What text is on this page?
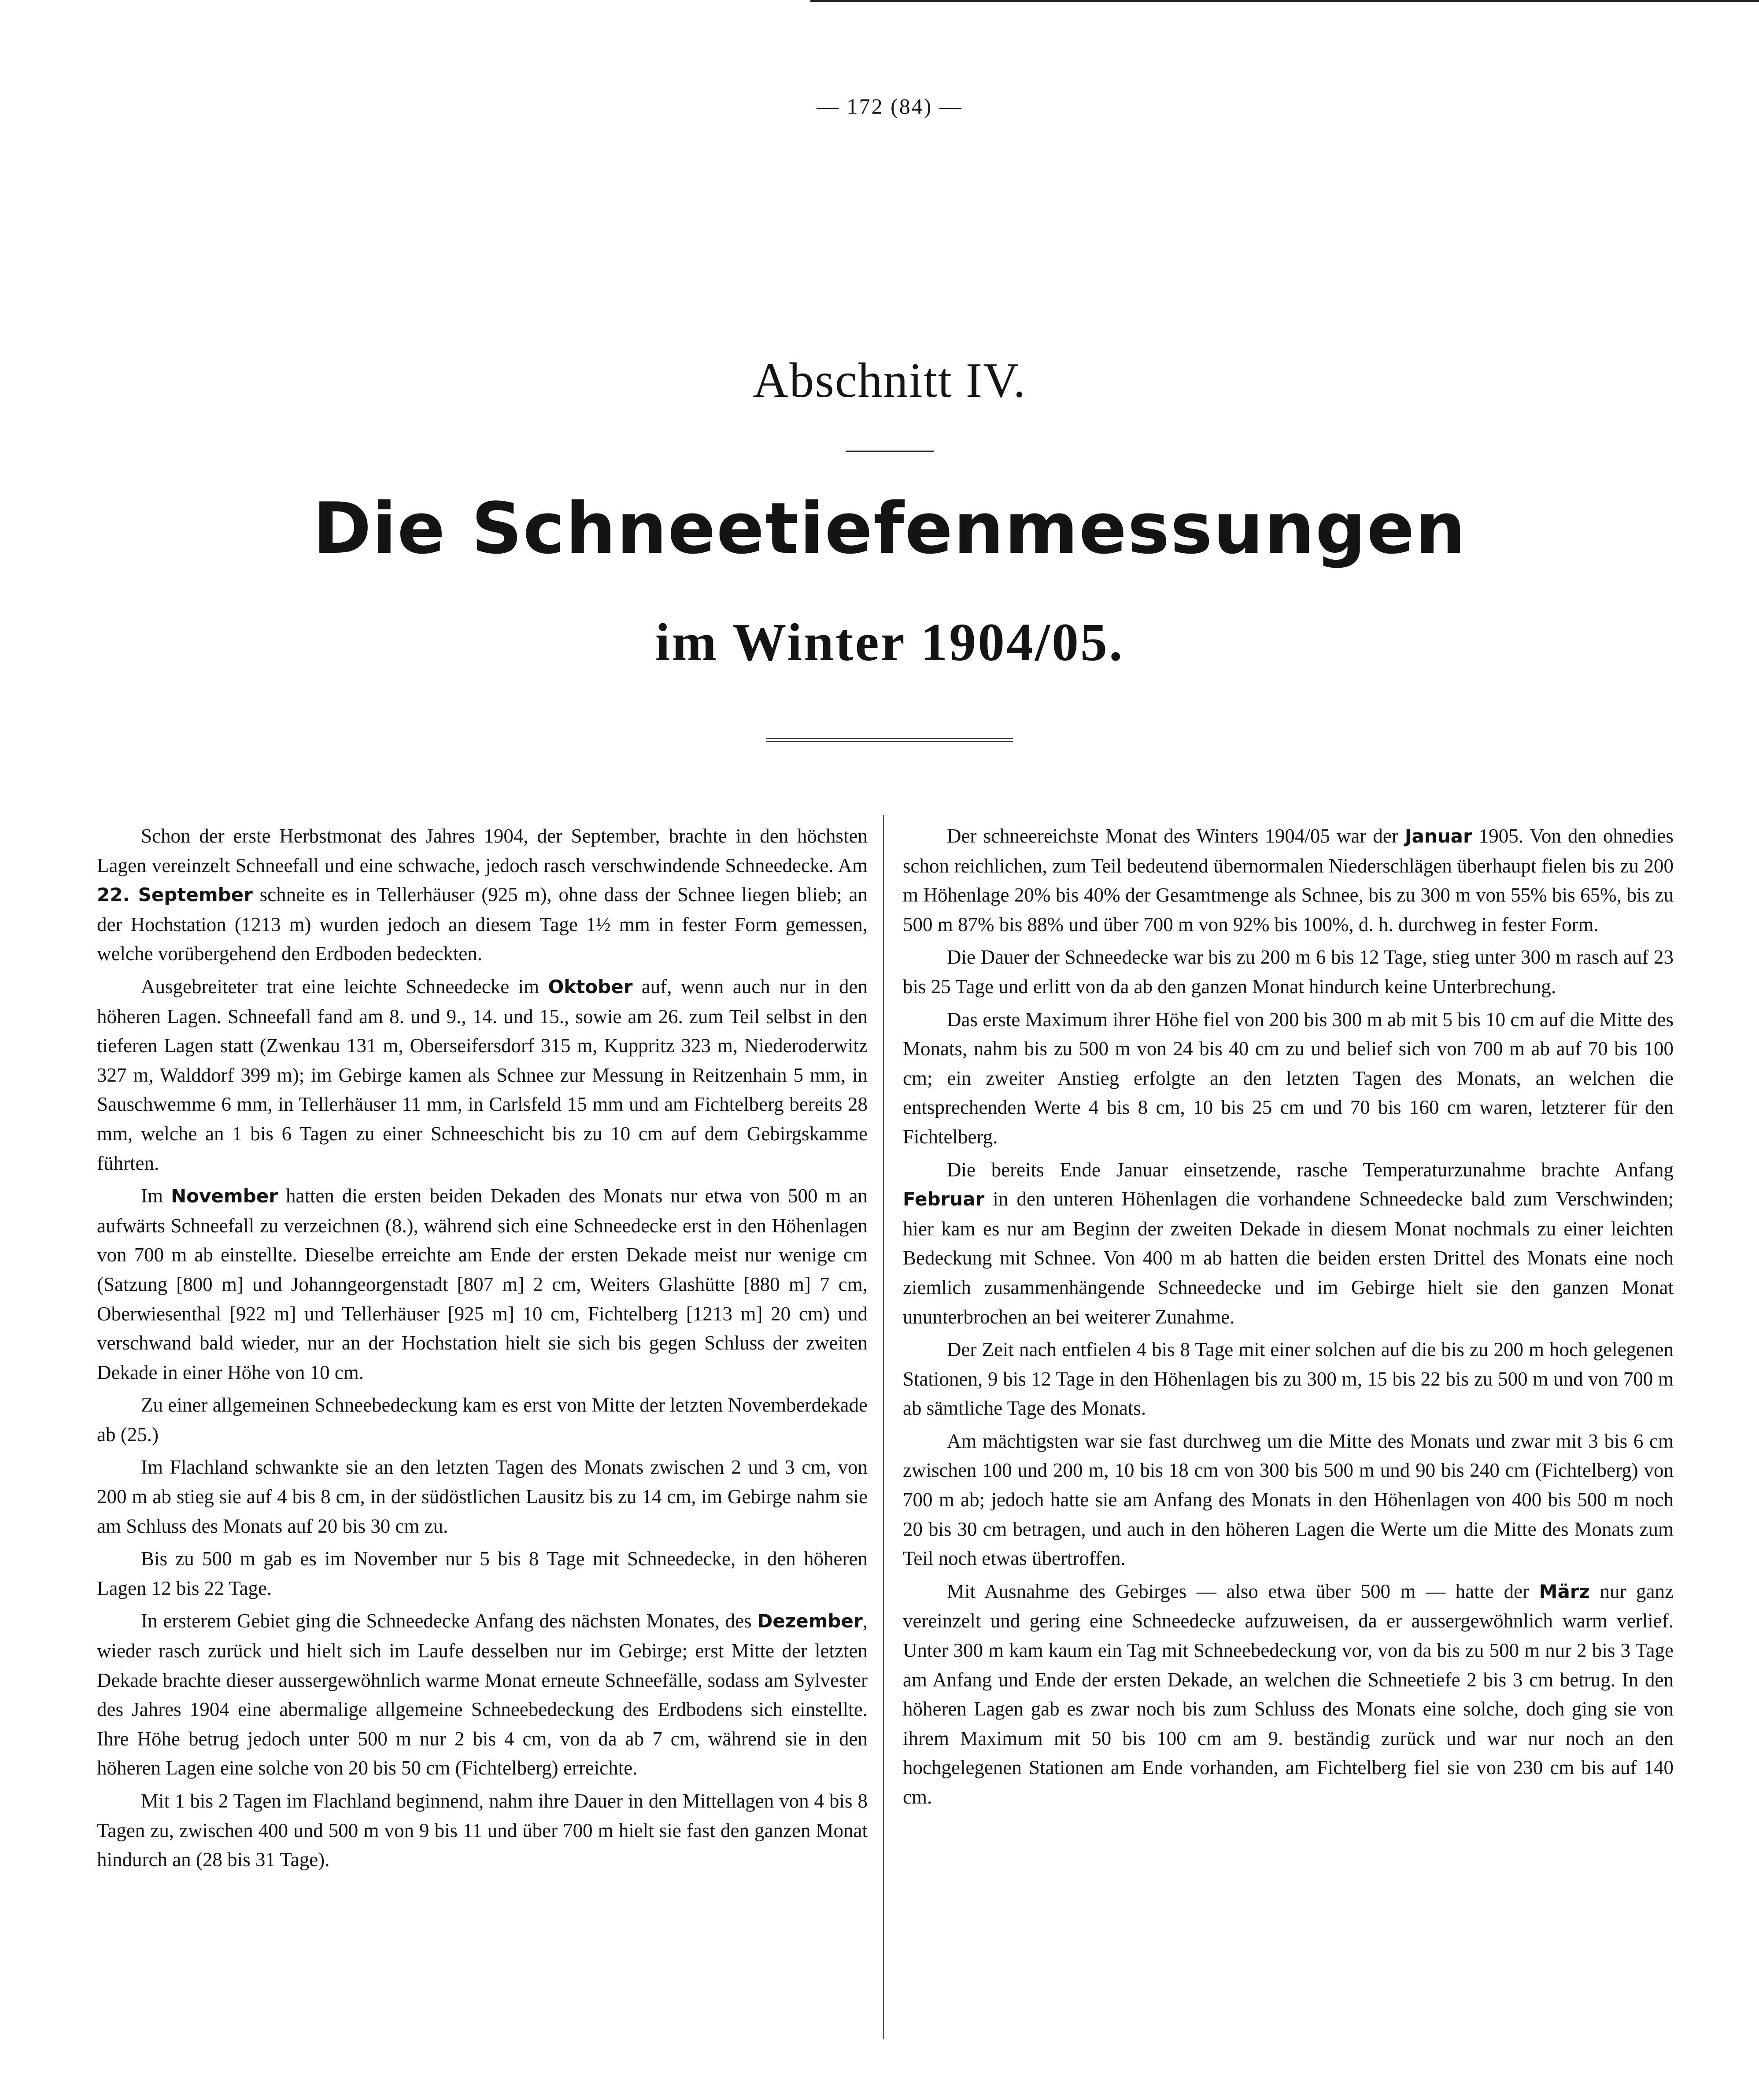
— 172 (84) —
Abschnitt IV.
Die Schneetiefenmessungen
im Winter 1904/05.

Schon der erste Herbstmonat des Jahres 1904, der September, brachte in den höchsten Lagen vereinzelt Schneefall und eine schwache, jedoch rasch verschwindende Schneedecke. Am 22. September schneite es in Tellerhäuser (925 m), ohne dass der Schnee liegen blieb; an der Hochstation (1213 m) wurden jedoch an diesem Tage 1½ mm in fester Form gemessen, welche vorübergehend den Erdboden bedeckten.

Ausgebreiteter trat eine leichte Schneedecke im Oktober auf, wenn auch nur in den höheren Lagen. Schneefall fand am 8. und 9., 14. und 15., sowie am 26. zum Teil selbst in den tieferen Lagen statt (Zwenkau 131 m, Oberseifersdorf 315 m, Kuppritz 323 m, Niederoderwitz 327 m, Walddorf 399 m); im Gebirge kamen als Schnee zur Messung in Reitzenhain 5 mm, in Sauschwemme 6 mm, in Tellerhäuser 11 mm, in Carlsfeld 15 mm und am Fichtelberg bereits 28 mm, welche an 1 bis 6 Tagen zu einer Schneeschicht bis zu 10 cm auf dem Gebirgskamme führten.

Im November hatten die ersten beiden Dekaden des Monats nur etwa von 500 m an aufwärts Schneefall zu verzeichnen (8.), während sich eine Schneedecke erst in den Höhenlagen von 700 m ab einstellte. Dieselbe erreichte am Ende der ersten Dekade meist nur wenige cm (Satzung [800 m] und Johanngeorgenstadt [807 m] 2 cm, Weiters Glashütte [880 m] 7 cm, Oberwiesenthal [922 m] und Tellerhäuser [925 m] 10 cm, Fichtelberg [1213 m] 20 cm) und verschwand bald wieder, nur an der Hochstation hielt sie sich bis gegen Schluss der zweiten Dekade in einer Höhe von 10 cm.

Zu einer allgemeinen Schneebedeckung kam es erst von Mitte der letzten Novemberdekade ab (25.)

Im Flachland schwankte sie an den letzten Tagen des Monats zwischen 2 und 3 cm, von 200 m ab stieg sie auf 4 bis 8 cm, in der südöstlichen Lausitz bis zu 14 cm, im Gebirge nahm sie am Schluss des Monats auf 20 bis 30 cm zu.

Bis zu 500 m gab es im November nur 5 bis 8 Tage mit Schneedecke, in den höheren Lagen 12 bis 22 Tage.

In ersterem Gebiet ging die Schneedecke Anfang des nächsten Monates, des Dezember, wieder rasch zurück und hielt sich im Laufe desselben nur im Gebirge; erst Mitte der letzten Dekade brachte dieser aussergewöhnlich warme Monat erneute Schneefälle, sodass am Sylvester des Jahres 1904 eine abermalige allgemeine Schneebedeckung des Erdbodens sich einstellte. Ihre Höhe betrug jedoch unter 500 m nur 2 bis 4 cm, von da ab 7 cm, während sie in den höheren Lagen eine solche von 20 bis 50 cm (Fichtelberg) erreichte.

Mit 1 bis 2 Tagen im Flachland beginnend, nahm ihre Dauer in den Mittellagen von 4 bis 8 Tagen zu, zwischen 400 und 500 m von 9 bis 11 und über 700 m hielt sie fast den ganzen Monat hindurch an (28 bis 31 Tage).

Der schneereichste Monat des Winters 1904/05 war der Januar 1905. Von den ohnedies schon reichlichen, zum Teil bedeutend übernormalen Niederschlägen überhaupt fielen bis zu 200 m Höhenlage 20% bis 40% der Gesamtmenge als Schnee, bis zu 300 m von 55% bis 65%, bis zu 500 m 87% bis 88% und über 700 m von 92% bis 100%, d. h. durchweg in fester Form.

Die Dauer der Schneedecke war bis zu 200 m 6 bis 12 Tage, stieg unter 300 m rasch auf 23 bis 25 Tage und erlitt von da ab den ganzen Monat hindurch keine Unterbrechung.

Das erste Maximum ihrer Höhe fiel von 200 bis 300 m ab mit 5 bis 10 cm auf die Mitte des Monats, nahm bis zu 500 m von 24 bis 40 cm zu und belief sich von 700 m ab auf 70 bis 100 cm; ein zweiter Anstieg erfolgte an den letzten Tagen des Monats, an welchen die entsprechenden Werte 4 bis 8 cm, 10 bis 25 cm und 70 bis 160 cm waren, letzterer für den Fichtelberg.

Die bereits Ende Januar einsetzende, rasche Temperaturzunahme brachte Anfang Februar in den unteren Höhenlagen die vorhandene Schneedecke bald zum Verschwinden; hier kam es nur am Beginn der zweiten Dekade in diesem Monat nochmals zu einer leichten Bedeckung mit Schnee. Von 400 m ab hatten die beiden ersten Drittel des Monats eine noch ziemlich zusammenhängende Schneedecke und im Gebirge hielt sie den ganzen Monat ununterbrochen an bei weiterer Zunahme.

Der Zeit nach entfielen 4 bis 8 Tage mit einer solchen auf die bis zu 200 m hoch gelegenen Stationen, 9 bis 12 Tage in den Höhenlagen bis zu 300 m, 15 bis 22 bis zu 500 m und von 700 m ab sämtliche Tage des Monats.

Am mächtigsten war sie fast durchweg um die Mitte des Monats und zwar mit 3 bis 6 cm zwischen 100 und 200 m, 10 bis 18 cm von 300 bis 500 m und 90 bis 240 cm (Fichtelberg) von 700 m ab; jedoch hatte sie am Anfang des Monats in den Höhenlagen von 400 bis 500 m noch 20 bis 30 cm betragen, und auch in den höheren Lagen die Werte um die Mitte des Monats zum Teil noch etwas übertroffen.

Mit Ausnahme des Gebirges — also etwa über 500 m — hatte der März nur ganz vereinzelt und gering eine Schneedecke aufzuweisen, da er aussergewöhnlich warm verlief. Unter 300 m kam kaum ein Tag mit Schneebedeckung vor, von da bis zu 500 m nur 2 bis 3 Tage am Anfang und Ende der ersten Dekade, an welchen die Schneetiefe 2 bis 3 cm betrug. In den höheren Lagen gab es zwar noch bis zum Schluss des Monats eine solche, doch ging sie von ihrem Maximum mit 50 bis 100 cm am 9. beständig zurück und war nur noch an den hochgelegenen Stationen am Ende vorhanden, am Fichtelberg fiel sie von 230 cm bis auf 140 cm.
